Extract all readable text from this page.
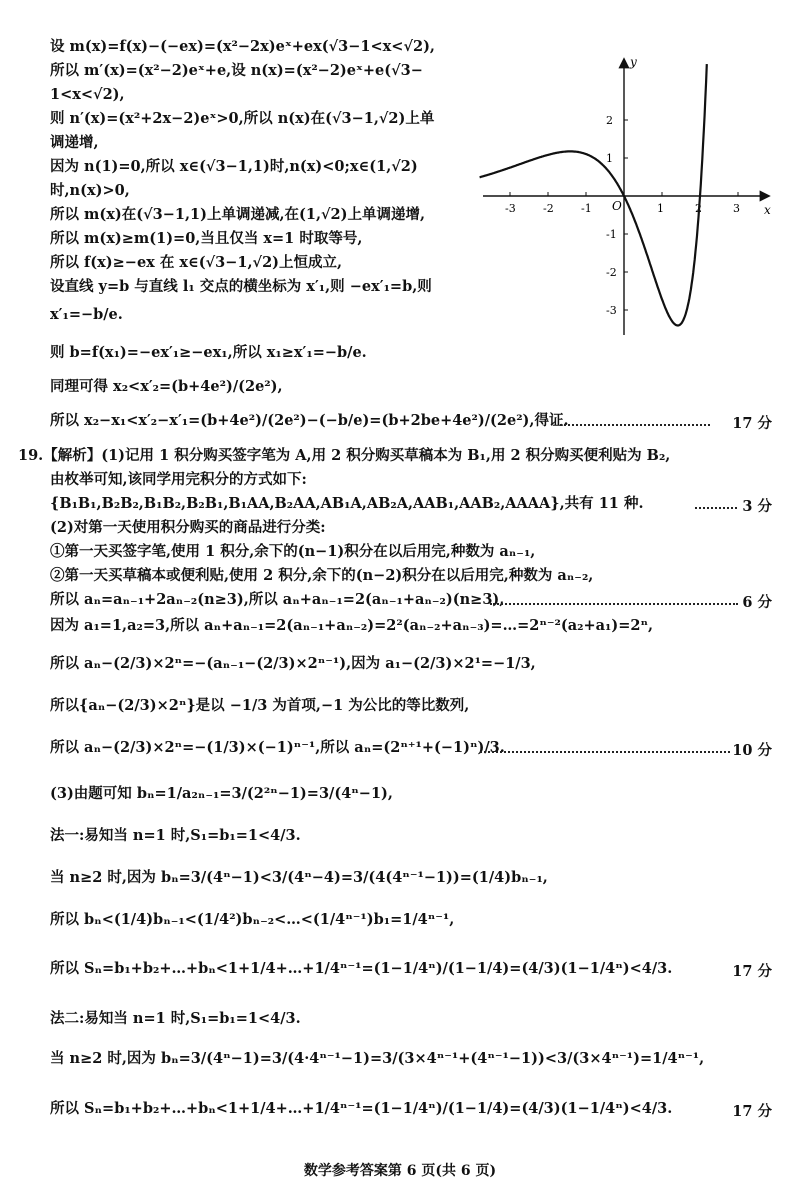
设 m(x)=f(x)−(−ex)=(x²−2x)eˣ+ex(√3−1<x<√2),
所以 m′(x)=(x²−2)eˣ+e,设 n(x)=(x²−2)eˣ+e(√3−
1<x<√2),
则 n′(x)=(x²+2x−2)eˣ>0,所以 n(x)在(√3−1,√2)上单
调递增,
因为 n(1)=0,所以 x∈(√3−1,1)时,n(x)<0;x∈(1,√2)
时,n(x)>0,
所以 m(x)在(√3−1,1)上单调递减,在(1,√2)上单调递增,
所以 m(x)≥m(1)=0,当且仅当 x=1 时取等号,
所以 f(x)≥−ex 在 x∈(√3−1,√2)上恒成立,
设直线 y=b 与直线 l₁ 交点的横坐标为 x′₁,则 −ex′₁=b,则
x′₁=−b/e.
则 b=f(x₁)=−ex′₁≥−ex₁,所以 x₁≥x′₁=−b/e.
同理可得 x₂<x′₂=(b+4e²)/(2e²),
所以 x₂−x₁<x′₂−x′₁=(b+4e²)/(2e²)−(−b/e)=(b+2be+4e²)/(2e²),得证.	17 分
-3 -2 -1	1	2	3
2
1
-1
-2
-3
x
y
O
19.【解析】(1)记用 1 积分购买签字笔为 A,用 2 积分购买草稿本为 B₁,用 2 积分购买便利贴为 B₂,
由枚举可知,该同学用完积分的方式如下:
{B₁B₁,B₂B₂,B₁B₂,B₂B₁,B₁AA,B₂AA,AB₁A,AB₂A,AAB₁,AAB₂,AAAA},共有 11 种.	3 分
(2)对第一天使用积分购买的商品进行分类:
①第一天买签字笔,使用 1 积分,余下的(n−1)积分在以后用完,种数为 aₙ₋₁,
②第一天买草稿本或便利贴,使用 2 积分,余下的(n−2)积分在以后用完,种数为 aₙ₋₂,
所以 aₙ=aₙ₋₁+2aₙ₋₂(n≥3),所以 aₙ+aₙ₋₁=2(aₙ₋₁+aₙ₋₂)(n≥3),	6 分
因为 a₁=1,a₂=3,所以 aₙ+aₙ₋₁=2(aₙ₋₁+aₙ₋₂)=2²(aₙ₋₂+aₙ₋₃)=…=2ⁿ⁻²(a₂+a₁)=2ⁿ,
所以 aₙ−(2/3)×2ⁿ=−(aₙ₋₁−(2/3)×2ⁿ⁻¹),因为 a₁−(2/3)×2¹=−1/3,
所以{aₙ−(2/3)×2ⁿ}是以 −1/3 为首项,−1 为公比的等比数列,
所以 aₙ−(2/3)×2ⁿ=−(1/3)×(−1)ⁿ⁻¹,所以 aₙ=(2ⁿ⁺¹+(−1)ⁿ)/3.	10 分
(3)由题可知 bₙ=1/a₂ₙ₋₁=3/(2²ⁿ−1)=3/(4ⁿ−1),
法一:易知当 n=1 时,S₁=b₁=1<4/3.
当 n≥2 时,因为 bₙ=3/(4ⁿ−1)<3/(4ⁿ−4)=3/(4(4ⁿ⁻¹−1))=(1/4)bₙ₋₁,
所以 bₙ<(1/4)bₙ₋₁<(1/4²)bₙ₋₂<…<(1/4ⁿ⁻¹)b₁=1/4ⁿ⁻¹,
所以 Sₙ=b₁+b₂+…+bₙ<1+1/4+…+1/4ⁿ⁻¹=(1−1/4ⁿ)/(1−1/4)=(4/3)(1−1/4ⁿ)<4/3.	17 分
法二:易知当 n=1 时,S₁=b₁=1<4/3.
当 n≥2 时,因为 bₙ=3/(4ⁿ−1)=3/(4·4ⁿ⁻¹−1)=3/(3×4ⁿ⁻¹+(4ⁿ⁻¹−1))<3/(3×4ⁿ⁻¹)=1/4ⁿ⁻¹,
所以 Sₙ=b₁+b₂+…+bₙ<1+1/4+…+1/4ⁿ⁻¹=(1−1/4ⁿ)/(1−1/4)=(4/3)(1−1/4ⁿ)<4/3.	17 分
数学参考答案第 6 页(共 6 页)
